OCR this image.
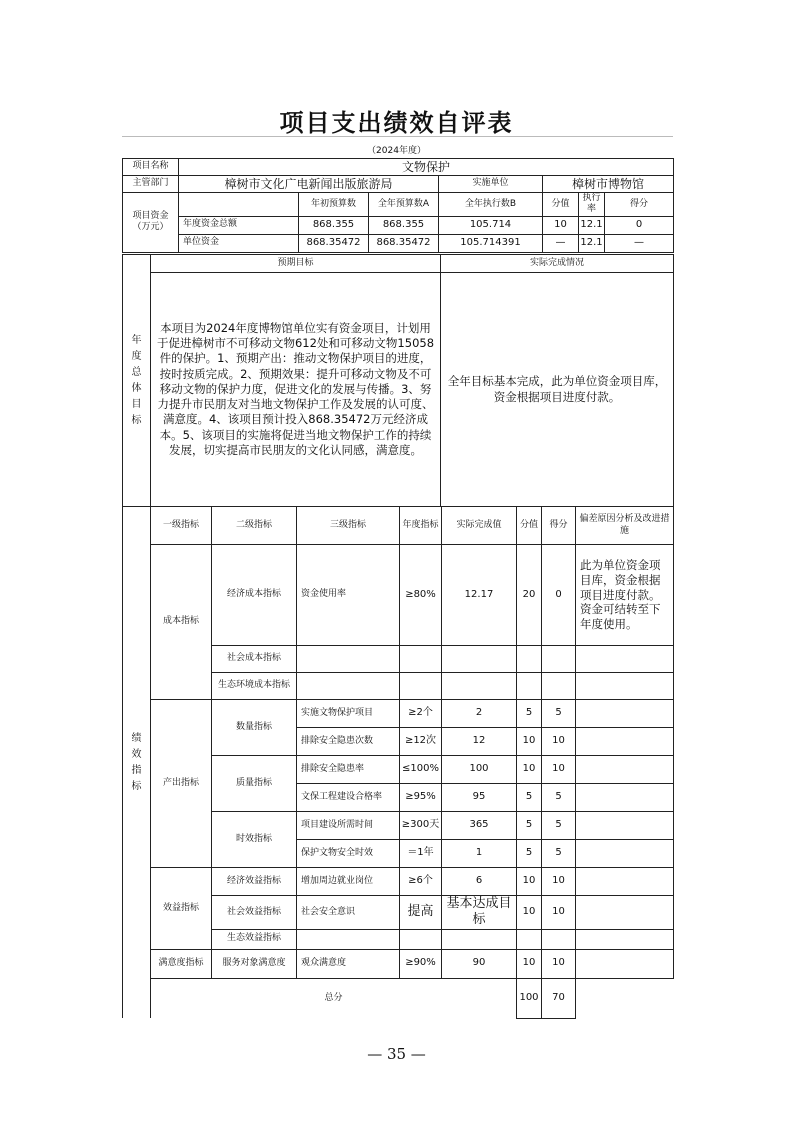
项目支出绩效自评表
（2024年度）
项目名称	文物保护						
主管部门	樟树市文化广电新闻出版旅游局			实施单位	樟树市博物馆		
项目资金（万元）		年初预算数	全年预算数A	全年执行数B	分值	执行率	得分
	年度资金总额	868.355	868.355	105.714	10	12.1	0
	单位资金	868.35472	868.35472	105.714391	—	12.1	—
年度总体目标	预期目标	实际完成情况
	本项目为2024年度博物馆单位实有资金项目，计划用于促进樟树市不可移动文物612处和可移动文物15058件的保护。1、预期产出：推动文物保护项目的进度，按时按质完成。2、预期效果：提升可移动文物及不可移动文物的保护力度，促进文化的发展与传播。3、努力提升市民朋友对当地文物保护工作及发展的认可度、满意度。4、该项目预计投入868.35472万元经济成本。5、该项目的实施将促进当地文物保护工作的持续发展，切实提高市民朋友的文化认同感，满意度。	全年目标基本完成，此为单位资金项目库，资金根据项目进度付款。
绩效指标	一级指标	二级指标	三级指标	年度指标	实际完成值	分值	得分	偏差原因分析及改进措施
	成本指标	经济成本指标	资金使用率	≥80%	12.17	20	0	此为单位资金项目库，资金根据项目进度付款。资金可结转至下年度使用。
		社会成本指标						
		生态环境成本指标						
	产出指标	数量指标	实施文物保护项目	≥2个	2	5	5	
			排除安全隐患次数	≥12次	12	10	10	
		质量指标	排除安全隐患率	≤100%	100	10	10	
			文保工程建设合格率	≥95%	95	5	5	
		时效指标	项目建设所需时间	≥300天	365	5	5	
			保护文物安全时效	＝1年	1	5	5	
	效益指标	经济效益指标	增加周边就业岗位	≥6个	6	10	10	
		社会效益指标	社会安全意识	提高	基本达成目标	10	10	
		生态效益指标						
	满意度指标	服务对象满意度	观众满意度	≥90%	90	10	10	
	总分					100	70	
— 35 —
